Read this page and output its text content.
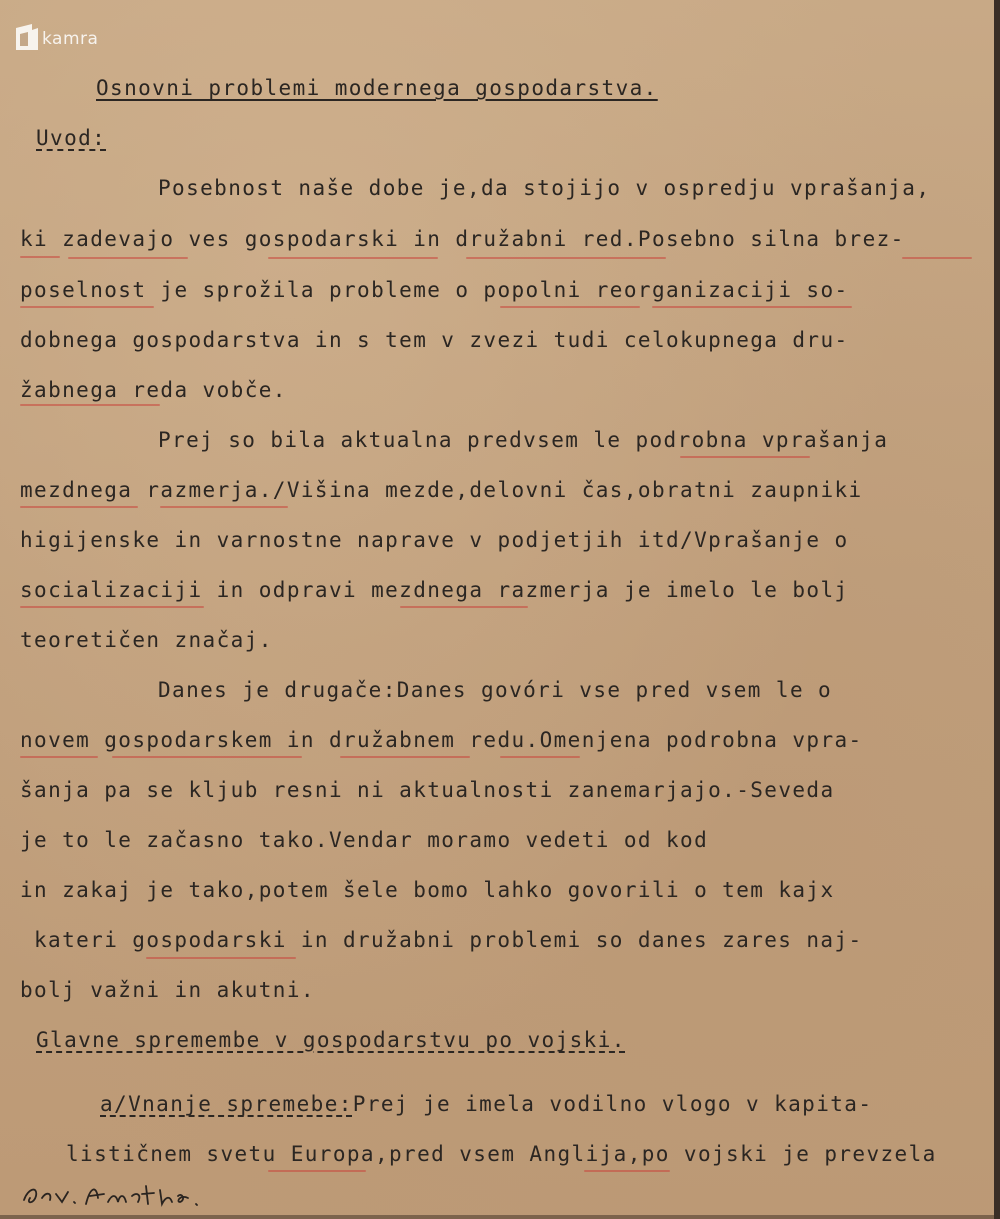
kamra
Osnovni problemi modernega gospodarstva.
Uvod:
Posebnost naše dobe je,da stojijo v ospredju vprašanja,
ki zadevajo ves gospodarski in družabni red.Posebno silna brez-
poselnost je sprožila probleme o popolni reorganizaciji so-
dobnega gospodarstva in s tem v zvezi tudi celokupnega dru-
žabnega reda vobče.
Prej so bila aktualna predvsem le podrobna vprašanja
mezdnega razmerja./Višina mezde,delovni čas,obratni zaupniki
higijenske in varnostne naprave v podjetjih itd/Vprašanje o
socializaciji in odpravi mezdnega razmerja je imelo le bolj
teoretičen značaj.
Danes je drugače:Danes govóri vse pred vsem le o
novem gospodarskem in družabnem redu.Omenjena podrobna vpra-
šanja pa se kljub resni ni aktualnosti zanemarjajo.-Seveda
je to le začasno tako.Vendar moramo vedeti od kod
in zakaj je tako,potem šele bomo lahko govorili o tem kajx
kateri gospodarski in družabni problemi so danes zares naj-
bolj važni in akutni.
Glavne spremembe v gospodarstvu po vojski.
a/Vnanje spremebe:Prej je imela vodilno vlogo v kapita-
lističnem svetu Europa,pred vsem Anglija,po vojski je prevzela
